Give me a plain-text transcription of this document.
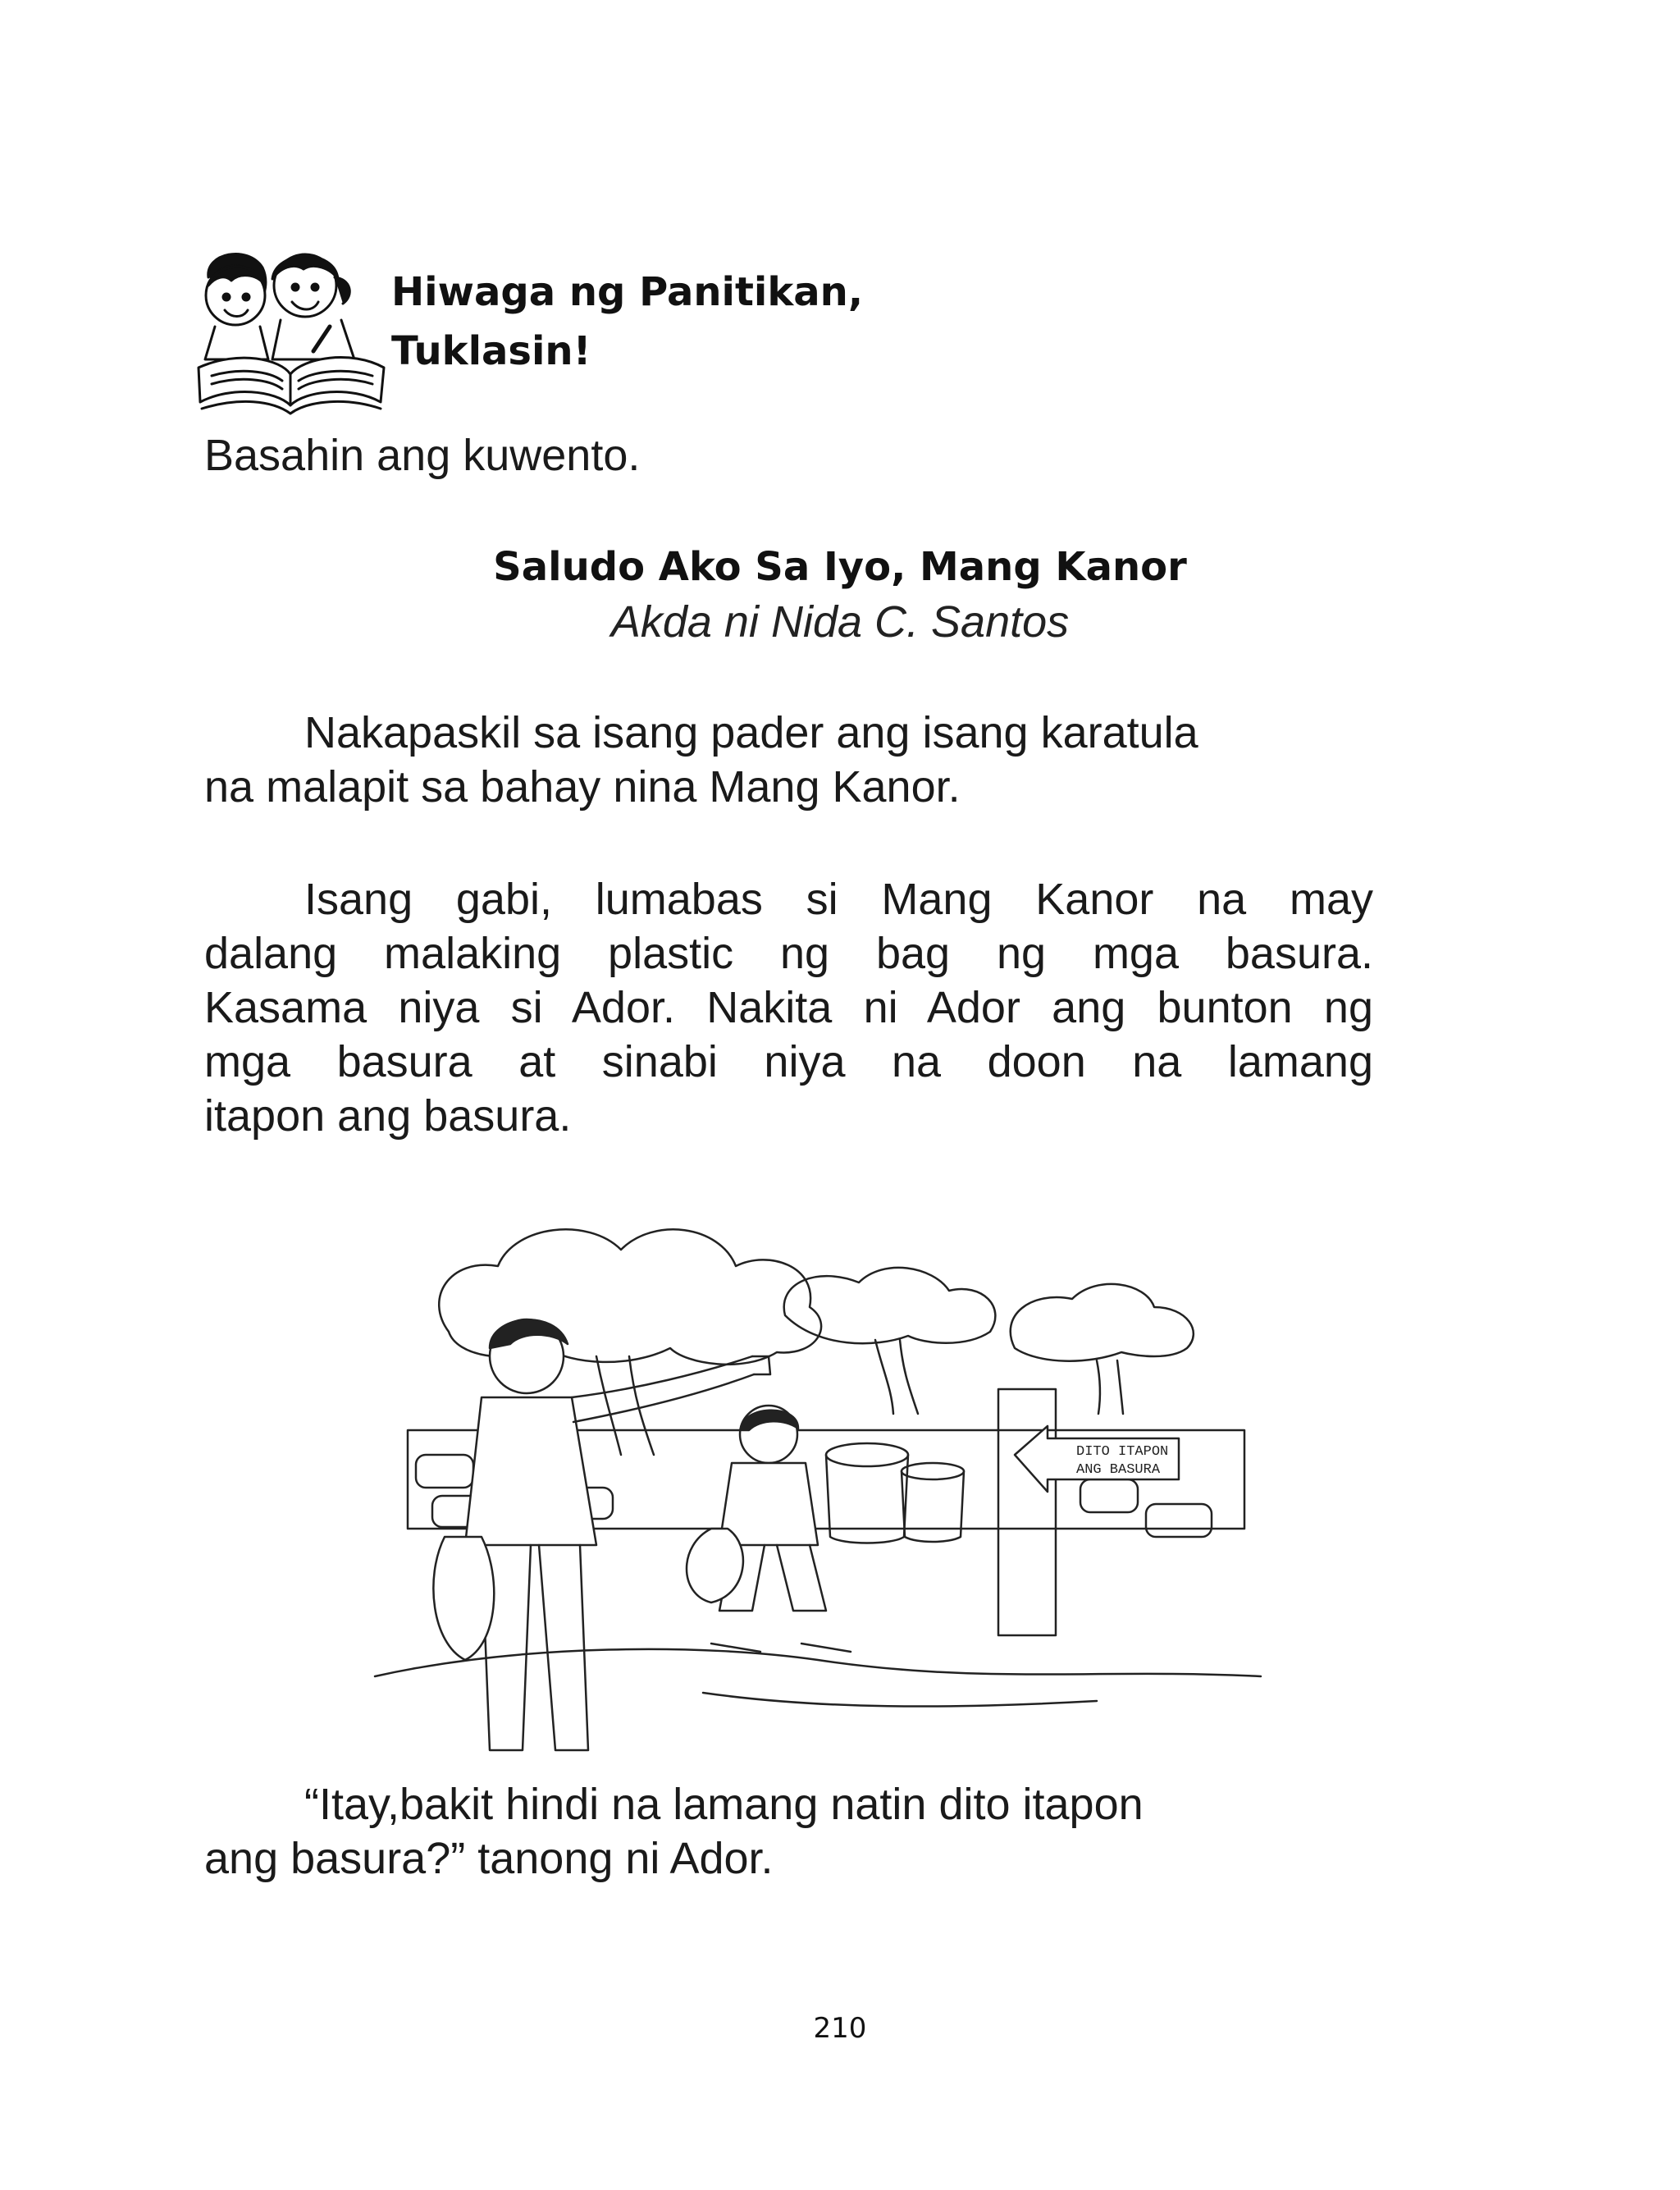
Hiwaga ng Panitikan,
Tuklasin!
Basahin ang kuwento.
Saludo Ako Sa Iyo, Mang Kanor
Akda ni Nida C. Santos
Nakapaskil sa isang pader ang isang karatula
na malapit sa bahay nina Mang Kanor.
Isang gabi, lumabas si Mang Kanor na may
dalang malaking plastic ng bag ng mga basura.
Kasama niya si Ador. Nakita ni Ador ang bunton ng
mga basura at sinabi niya na doon na lamang
itapon ang basura.
DITO ITAPON
ANG BASURA
“Itay,bakit hindi na lamang natin dito itapon
ang basura?” tanong ni Ador.
210
